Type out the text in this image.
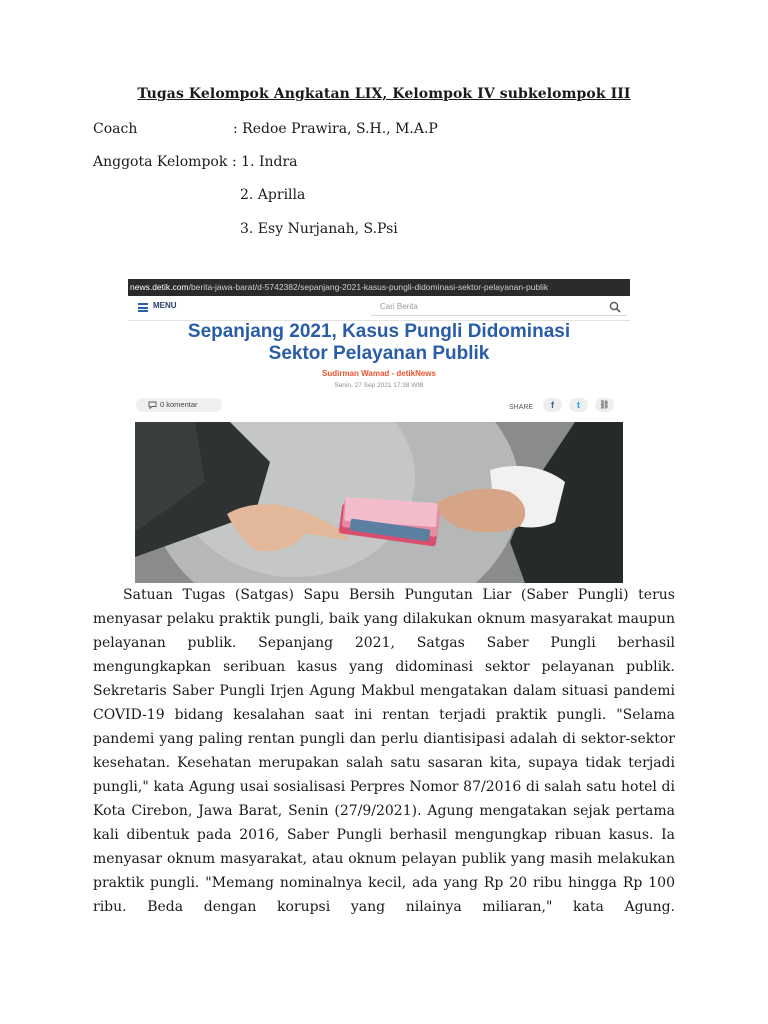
Tugas Kelompok Angkatan LIX, Kelompok IV subkelompok III
Coach	: Redoe Prawira, S.H., M.A.P
Anggota Kelompok : 1. Indra
2. Aprilla
3. Esy Nurjanah, S.Psi
news.detik.com/berita-jawa-barat/d-5742382/sepanjang-2021-kasus-pungli-didominasi-sektor-pelayanan-publik
MENU	Cari Berita
Sepanjang 2021, Kasus Pungli Didominasi
Sektor Pelayanan Publik
Sudirman Wamad - detikNews
Senin, 27 Sep 2021 17:38 WIB
0 komentar	SHARE	f	t	⛓

Satuan Tugas (Satgas) Sapu Bersih Pungutan Liar (Saber Pungli) terus menyasar pelaku praktik pungli, baik yang dilakukan oknum masyarakat maupun pelayanan publik. Sepanjang 2021, Satgas Saber Pungli berhasil mengungkapkan seribuan kasus yang didominasi sektor pelayanan publik. Sekretaris Saber Pungli Irjen Agung Makbul mengatakan dalam situasi pandemi COVID-19 bidang kesalahan saat ini rentan terjadi praktik pungli. "Selama pandemi yang paling rentan pungli dan perlu diantisipasi adalah di sektor-sektor kesehatan. Kesehatan merupakan salah satu sasaran kita, supaya tidak terjadi pungli," kata Agung usai sosialisasi Perpres Nomor 87/2016 di salah satu hotel di Kota Cirebon, Jawa Barat, Senin (27/9/2021). Agung mengatakan sejak pertama kali dibentuk pada 2016, Saber Pungli berhasil mengungkap ribuan kasus. Ia menyasar oknum masyarakat, atau oknum pelayan publik yang masih melakukan praktik pungli. "Memang nominalnya kecil, ada yang Rp 20 ribu hingga Rp 100 ribu. Beda dengan korupsi yang nilainya miliaran," kata Agung.
